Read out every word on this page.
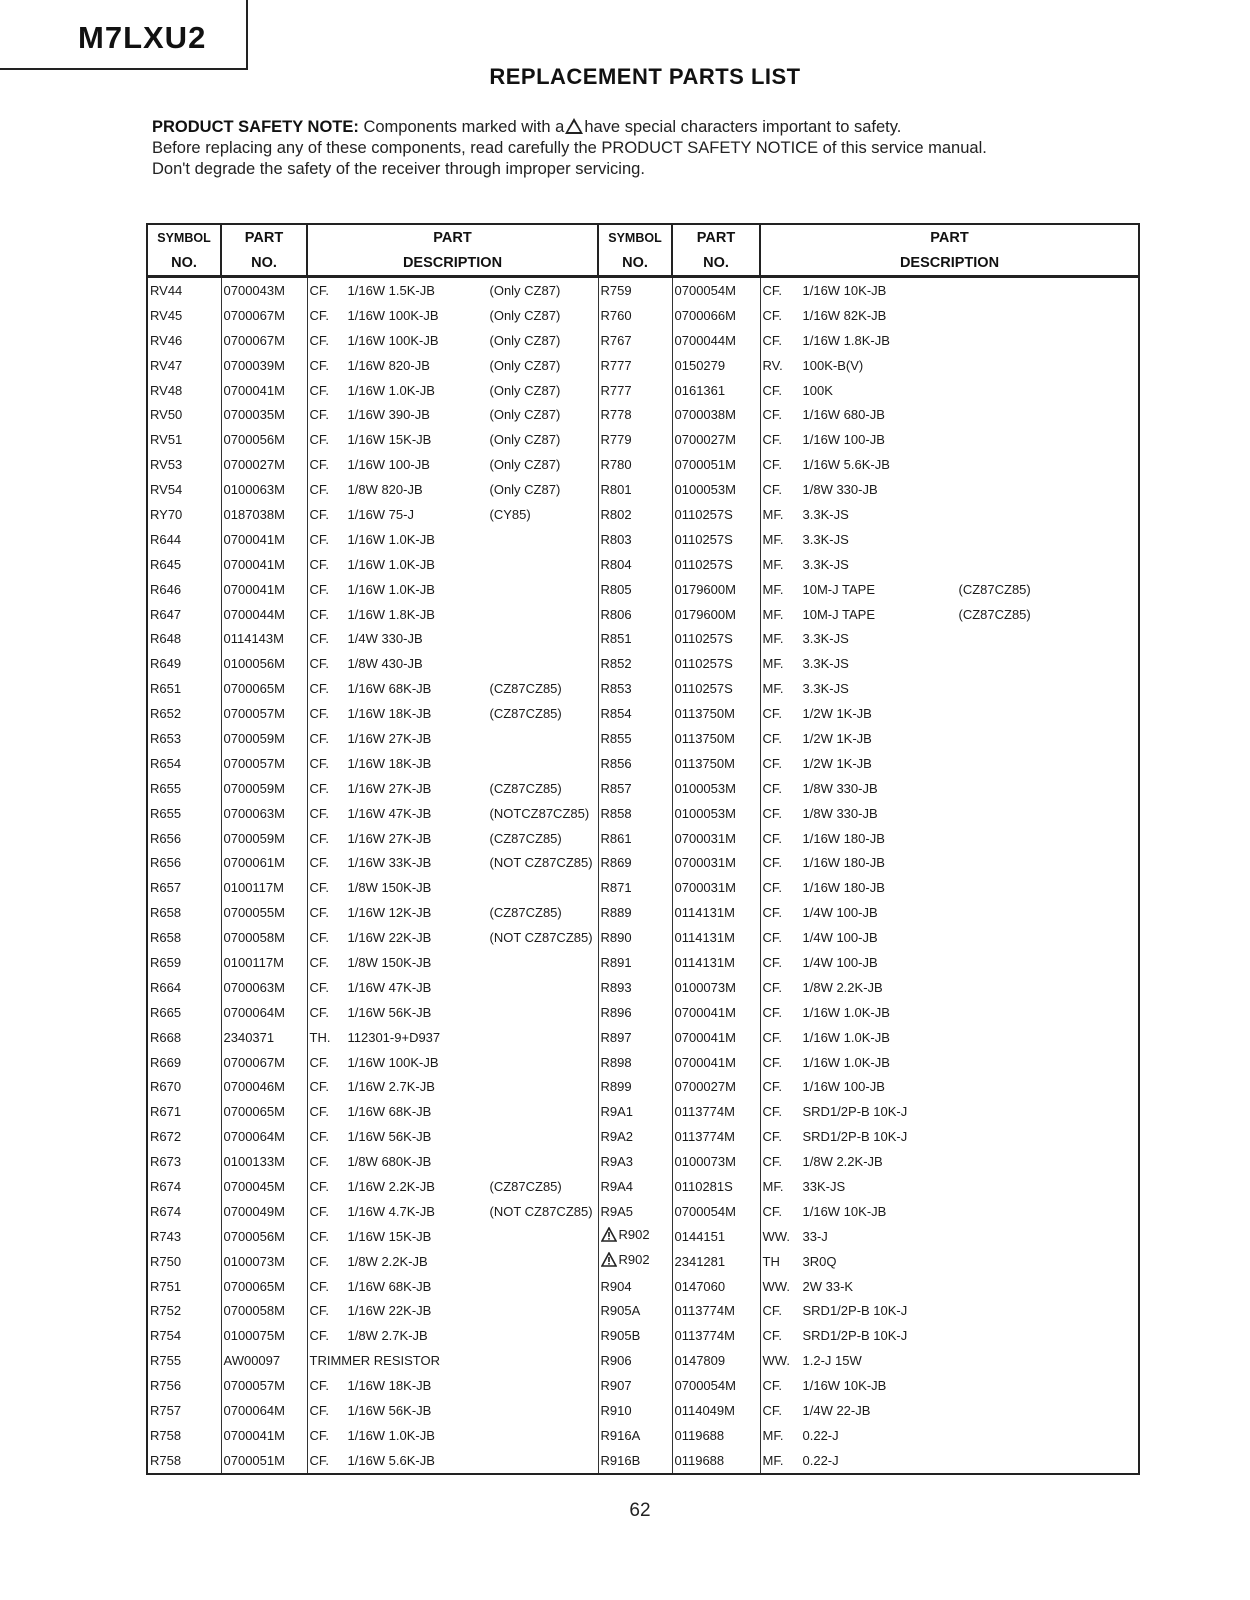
M7LXU2
REPLACEMENT PARTS LIST
PRODUCT SAFETY NOTE: Components marked with a have special characters important to safety.
Before replacing any of these components, read carefully the PRODUCT SAFETY NOTICE of this service manual.
Don't degrade the safety of the receiver through improper servicing.
SYMBOL	PART	PART	SYMBOL	PART	PART
NO.	NO.	DESCRIPTION	NO.	NO.	DESCRIPTION
RV44	0700043M	CF. 1/16W 1.5K-JB (Only CZ87)	R759	0700054M	CF. 1/16W 10K-JB
RV45	0700067M	CF. 1/16W 100K-JB (Only CZ87)	R760	0700066M	CF. 1/16W 82K-JB
RV46	0700067M	CF. 1/16W 100K-JB (Only CZ87)	R767	0700044M	CF. 1/16W 1.8K-JB
RV47	0700039M	CF. 1/16W 820-JB (Only CZ87)	R777	0150279	RV. 100K-B(V)
RV48	0700041M	CF. 1/16W 1.0K-JB (Only CZ87)	R777	0161361	CF. 100K
RV50	0700035M	CF. 1/16W 390-JB (Only CZ87)	R778	0700038M	CF. 1/16W 680-JB
RV51	0700056M	CF. 1/16W 15K-JB (Only CZ87)	R779	0700027M	CF. 1/16W 100-JB
RV53	0700027M	CF. 1/16W 100-JB (Only CZ87)	R780	0700051M	CF. 1/16W 5.6K-JB
RV54	0100063M	CF. 1/8W 820-JB (Only CZ87)	R801	0100053M	CF. 1/8W 330-JB
RY70	0187038M	CF. 1/16W 75-J (CY85)	R802	0110257S	MF. 3.3K-JS
R644	0700041M	CF. 1/16W 1.0K-JB	R803	0110257S	MF. 3.3K-JS
R645	0700041M	CF. 1/16W 1.0K-JB	R804	0110257S	MF. 3.3K-JS
R646	0700041M	CF. 1/16W 1.0K-JB	R805	0179600M	MF. 10M-J TAPE (CZ87CZ85)
R647	0700044M	CF. 1/16W 1.8K-JB	R806	0179600M	MF. 10M-J TAPE (CZ87CZ85)
R648	0114143M	CF. 1/4W 330-JB	R851	0110257S	MF. 3.3K-JS
R649	0100056M	CF. 1/8W 430-JB	R852	0110257S	MF. 3.3K-JS
R651	0700065M	CF. 1/16W 68K-JB (CZ87CZ85)	R853	0110257S	MF. 3.3K-JS
R652	0700057M	CF. 1/16W 18K-JB (CZ87CZ85)	R854	0113750M	CF. 1/2W 1K-JB
R653	0700059M	CF. 1/16W 27K-JB	R855	0113750M	CF. 1/2W 1K-JB
R654	0700057M	CF. 1/16W 18K-JB	R856	0113750M	CF. 1/2W 1K-JB
R655	0700059M	CF. 1/16W 27K-JB (CZ87CZ85)	R857	0100053M	CF. 1/8W 330-JB
R655	0700063M	CF. 1/16W 47K-JB (NOTCZ87CZ85)	R858	0100053M	CF. 1/8W 330-JB
R656	0700059M	CF. 1/16W 27K-JB (CZ87CZ85)	R861	0700031M	CF. 1/16W 180-JB
R656	0700061M	CF. 1/16W 33K-JB (NOT CZ87CZ85)	R869	0700031M	CF. 1/16W 180-JB
R657	0100117M	CF. 1/8W 150K-JB	R871	0700031M	CF. 1/16W 180-JB
R658	0700055M	CF. 1/16W 12K-JB (CZ87CZ85)	R889	0114131M	CF. 1/4W 100-JB
R658	0700058M	CF. 1/16W 22K-JB (NOT CZ87CZ85)	R890	0114131M	CF. 1/4W 100-JB
R659	0100117M	CF. 1/8W 150K-JB	R891	0114131M	CF. 1/4W 100-JB
R664	0700063M	CF. 1/16W 47K-JB	R893	0100073M	CF. 1/8W 2.2K-JB
R665	0700064M	CF. 1/16W 56K-JB	R896	0700041M	CF. 1/16W 1.0K-JB
R668	2340371	TH. 112301-9+D937	R897	0700041M	CF. 1/16W 1.0K-JB
R669	0700067M	CF. 1/16W 100K-JB	R898	0700041M	CF. 1/16W 1.0K-JB
R670	0700046M	CF. 1/16W 2.7K-JB	R899	0700027M	CF. 1/16W 100-JB
R671	0700065M	CF. 1/16W 68K-JB	R9A1	0113774M	CF. SRD1/2P-B 10K-J
R672	0700064M	CF. 1/16W 56K-JB	R9A2	0113774M	CF. SRD1/2P-B 10K-J
R673	0100133M	CF. 1/8W 680K-JB	R9A3	0100073M	CF. 1/8W 2.2K-JB
R674	0700045M	CF. 1/16W 2.2K-JB (CZ87CZ85)	R9A4	0110281S	MF. 33K-JS
R674	0700049M	CF. 1/16W 4.7K-JB (NOT CZ87CZ85)	R9A5	0700054M	CF. 1/16W 10K-JB
R743	0700056M	CF. 1/16W 15K-JB	R902	0144151	WW. 33-J
R750	0100073M	CF. 1/8W 2.2K-JB	R902	2341281	TH 3R0Q
R751	0700065M	CF. 1/16W 68K-JB	R904	0147060	WW. 2W 33-K
R752	0700058M	CF. 1/16W 22K-JB	R905A	0113774M	CF. SRD1/2P-B 10K-J
R754	0100075M	CF. 1/8W 2.7K-JB	R905B	0113774M	CF. SRD1/2P-B 10K-J
R755	AW00097	TRIMMER RESISTOR	R906	0147809	WW. 1.2-J 15W
R756	0700057M	CF. 1/16W 18K-JB	R907	0700054M	CF. 1/16W 10K-JB
R757	0700064M	CF. 1/16W 56K-JB	R910	0114049M	CF. 1/4W 22-JB
R758	0700041M	CF. 1/16W 1.0K-JB	R916A	0119688	MF. 0.22-J
R758	0700051M	CF. 1/16W 5.6K-JB	R916B	0119688	MF. 0.22-J
62
